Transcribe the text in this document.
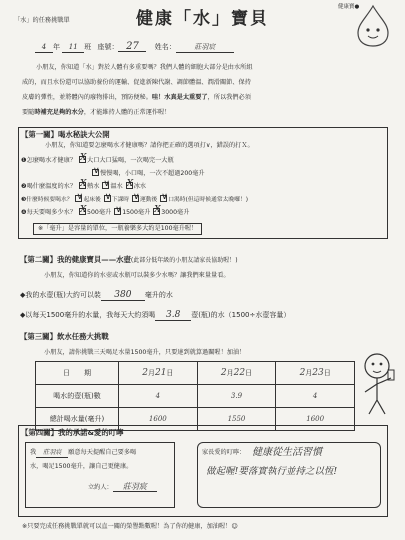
「水」的任務挑戰單	健康「水」寶貝
健康寶●
4 年 11 班 座號： 27 姓名：	莊羽宸
小朋友，你知道「水」對於人體有多重要嗎？我們人體的細胞大部分是由水所組
成的，而且水份還可以協助養份的運輸、促進新陳代謝、調節體溫、潤滑關節、保持
皮膚的彈性，並將體內的廢物排出，預防便秘。哇！水真是太重要了，所以我們必須
要隨時補充足夠的水分，才能維持人體的正常運作喔！
【第一關】喝水秘訣大公開
小朋友，你知道要怎麼喝水才健康嗎？請你把正確的選項打∨，錯誤的打Ｘ。
❶怎麼喝水才健康？ X 大口大口猛喝，一次喝完一大瓶
∨ 慢慢喝，小口喝，一次不超過200毫升
❷喝什麼溫度的水？ X 熱水 ∨ 溫水 X 冰水
❸什麼時候要喝水？ ∨ 起床後 ∨ 下課時 ∨ 運動後 ∨ 口渴時(但這時候通常太晚囉！)
❹每天要喝多少水？ X 500毫升 ∨ 1500毫升 X 3000毫升
※「毫升」是容量的單位，一瓶養樂多大約是100毫升喔！
【第二關】我的健康寶貝——水壺(此部分低年級的小朋友請家長協助喔！)
小朋友，你知道你的水壺或水瓶可以裝多少水嗎？讓我們來量量看。
◆我的水壺(瓶)大約可以裝 380 毫升的水
◆以每天1500毫升的水量，我每天大約須喝 3.8 壺(瓶)的水（1500÷水壺容量）
【第三關】飲水任務大挑戰
小朋友，請你挑戰三天喝足水量1500毫升，只要達到就算過關喔！加油！
日　　期	2月21日	2月22日	2月23日
喝水的壺(瓶)數	4	3.9	4
總計喝水量(毫升)	1600	1550	1600
【第四關】我的承諾&愛的叮嚀
我 莊羽宸 願意每天提醒自己要多喝
水，喝足1500毫升，讓自己更健康。
立約人： 莊羽宸
家長愛的叮嚀： 健康從生活習慣
做起喔!要落實執行並持之以恆!
※只要完成任務挑戰單就可以直一關的榮譽點數喔！為了你的健康，加油喔！☺
